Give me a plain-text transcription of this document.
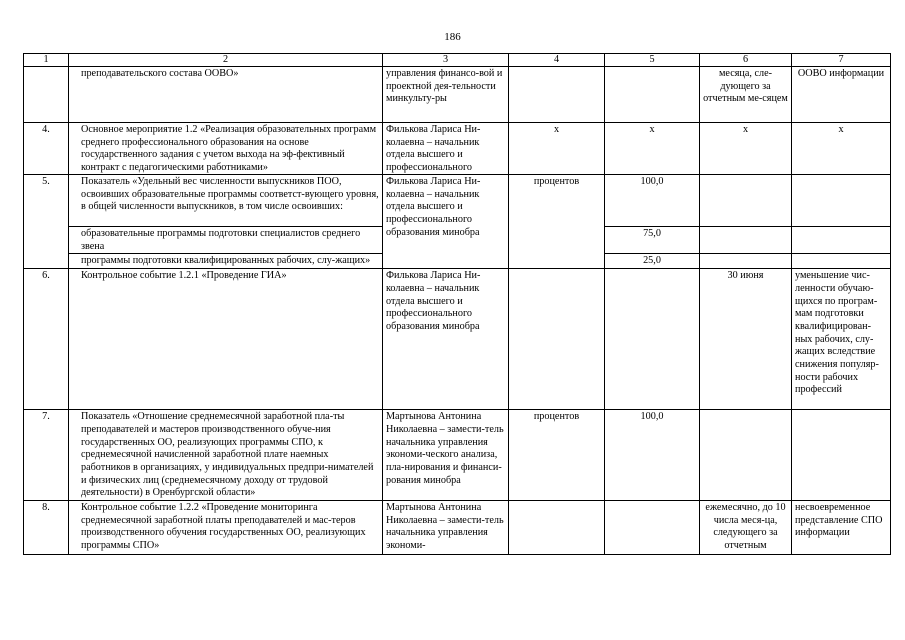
186
1	2	3	4	5	6	7
	преподавательского состава ООВО»	управления финансо-вой и проектной дея-тельности минкульту-ры			месяца, сле-дующего за отчетным ме-сяцем	ООВО информации
4.	Основное мероприятие 1.2 «Реализация образовательных программ среднего профессионального образования на основе государственного задания с учетом выхода на эф-фективный контракт с педагогическими работниками»	Филькова Лариса Ни-колаевна – начальник отдела высшего и профессионального	х	х	х	х
5.	Показатель «Удельный вес численности выпускников ПОО, освоивших образовательные программы соответст-вующего уровня, в общей численности выпускников, в том числе освоивших:	Филькова Лариса Ни-колаевна – начальник отдела высшего и профессионального образования минобра	процентов	100,0		
	образовательные программы подготовки специалистов среднего звена			75,0		
	программы подготовки квалифицированных рабочих, слу-жащих»			25,0		
6.	Контрольное событие 1.2.1 «Проведение ГИА»	Филькова Лариса Ни-колаевна – начальник отдела высшего и профессионального образования минобра			30 июня	уменьшение чис-ленности обучаю-щихся по програм-мам подготовки квалифицирован-ных рабочих, слу-жащих вследствие снижения популяр-ности рабочих профессий
7.	Показатель «Отношение среднемесячной заработной пла-ты преподавателей и мастеров производственного обуче-ния государственных ОО, реализующих программы СПО, к среднемесячной начисленной заработной плате наемных работников в организациях, у индивидуальных предпри-нимателей и физических лиц (среднемесячному доходу от трудовой деятельности) в Оренбургской области»	Мартынова Антонина Николаевна – замести-тель начальника управления экономи-ческого анализа, пла-нирования и финанси-рования минобра	процентов	100,0		
8.	Контрольное событие 1.2.2 «Проведение мониторинга среднемесячной заработной платы преподавателей и мас-теров производственного обучения государственных ОО, реализующих программы СПО»	Мартынова Антонина Николаевна – замести-тель начальника управления экономи-			ежемесячно, до 10 числа меся-ца, следующего за отчетным	несвоевременное представление СПО информации
